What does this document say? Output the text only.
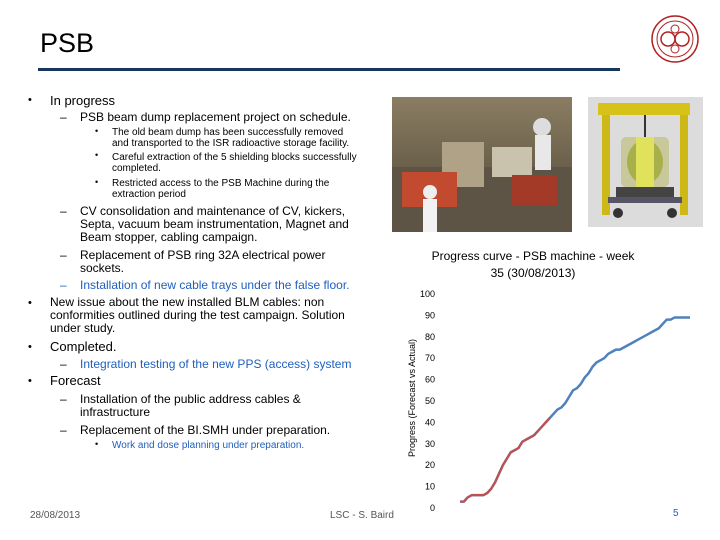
PSB
• In progress
– PSB beam dump replacement project on schedule.
• The old beam dump has been successfully removed
and transported to the ISR radioactive storage facility.
• Careful extraction of the 5 shielding blocks successfully
completed.
• Restricted access to the PSB Machine during the
extraction period
– CV consolidation and maintenance of CV, kickers,
Septa, vacuum beam instrumentation, Magnet and
Beam stopper, cabling campaign.
– Replacement of PSB ring 32A electrical power
sockets.
– Installation of new cable trays under the false floor.
• New issue about the new installed BLM cables: non
conformities outlined during the test campaign. Solution
under study.
• Completed.
– Integration testing of the new PPS (access) system
• Forecast
– Installation of the public address cables &
infrastructure
– Replacement of the BI.SMH under preparation.
• Work and dose planning under preparation.
Progress curve - PSB machine - week
35 (30/08/2013)
Progress (Forecast vs Actual)
0
10
20
30
40
50
60
70
80
90
100
28/08/2013	LSC - S. Baird	5
